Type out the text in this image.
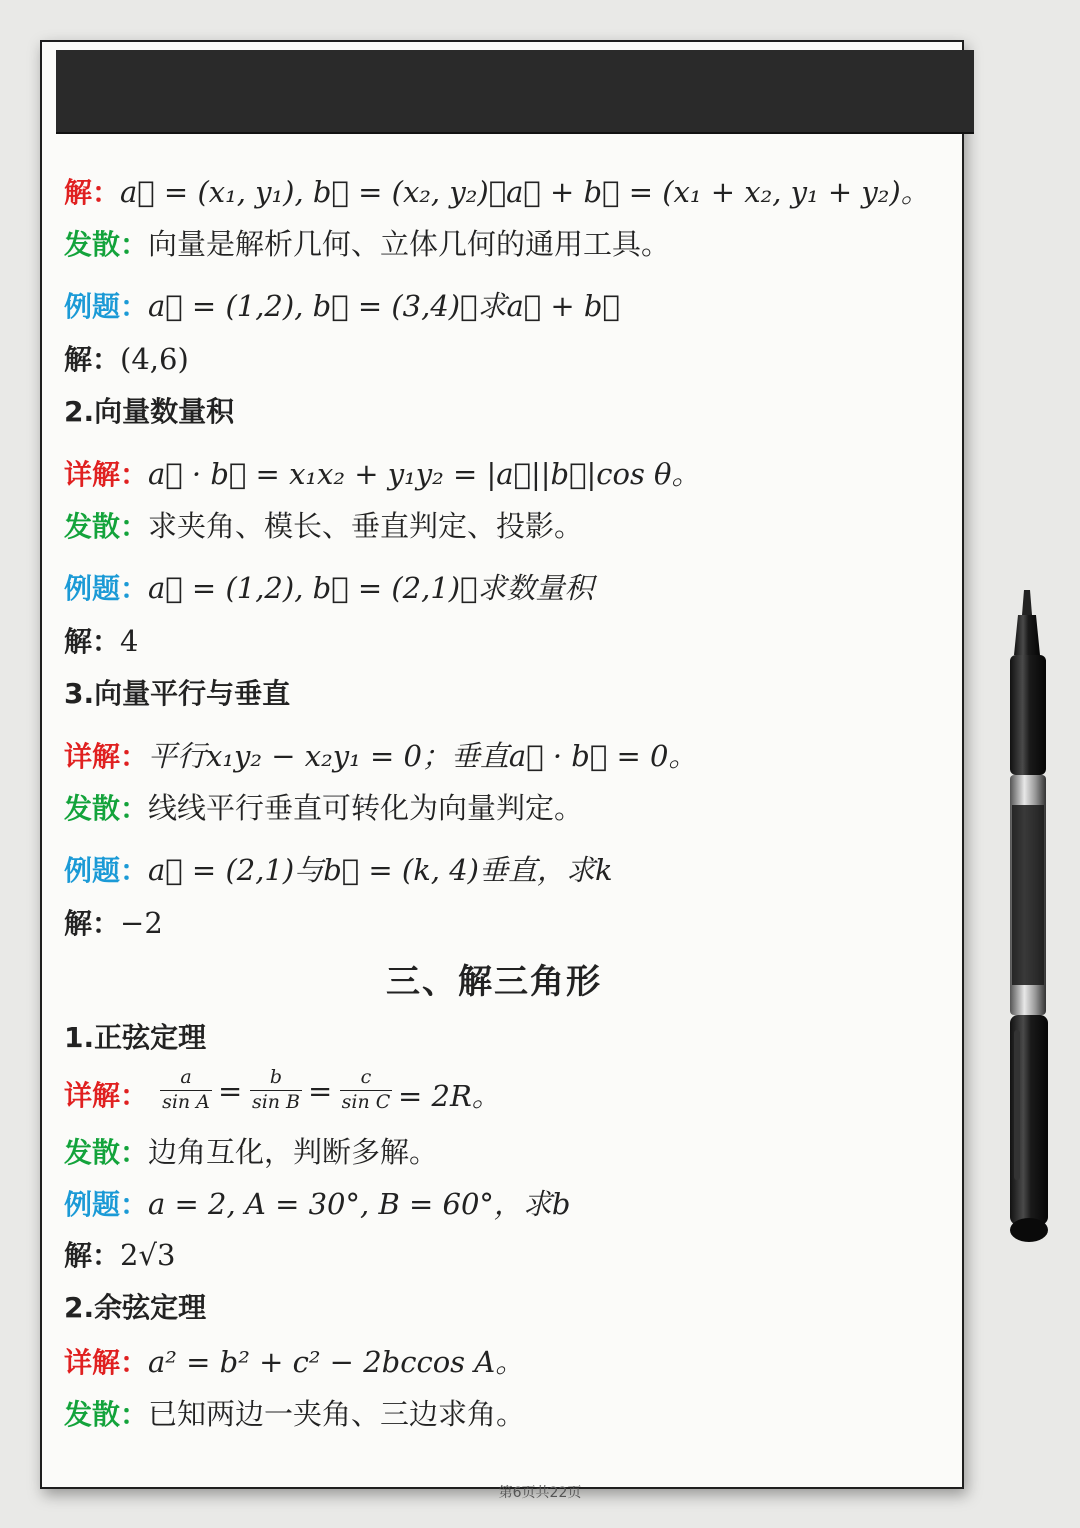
解：a⃗ = (x₁, y₁), b⃗ = (x₂, y₂)，a⃗ + b⃗ = (x₁ + x₂, y₁ + y₂)。
发散：向量是解析几何、立体几何的通用工具。
例题：a⃗ = (1,2), b⃗ = (3,4)，求a⃗ + b⃗
解：(4,6)
2.向量数量积
详解：a⃗ · b⃗ = x₁x₂ + y₁y₂ = |a⃗||b⃗|cos θ。
发散：求夹角、模长、垂直判定、投影。
例题：a⃗ = (1,2), b⃗ = (2,1)，求数量积
解：4
3.向量平行与垂直
详解：平行x₁y₂ − x₂y₁ = 0；垂直a⃗ · b⃗ = 0。
发散：线线平行垂直可转化为向量判定。
例题：a⃗ = (2,1)与b⃗ = (k, 4)垂直，求k
解：−2
三、解三角形
1.正弦定理
详解： $\frac{a}{\text{sin A}} = \frac{b}{\text{sin B}} = \frac{c}{\text{sin C}} = 2R$。
发散：边角互化，判断多解。
例题：a = 2, A = 30°, B = 60°，求b
解：2√3
2.余弦定理
详解：a² = b² + c² − 2bccos A。
发散：已知两边一夹角、三边求角。
第6页共22页
